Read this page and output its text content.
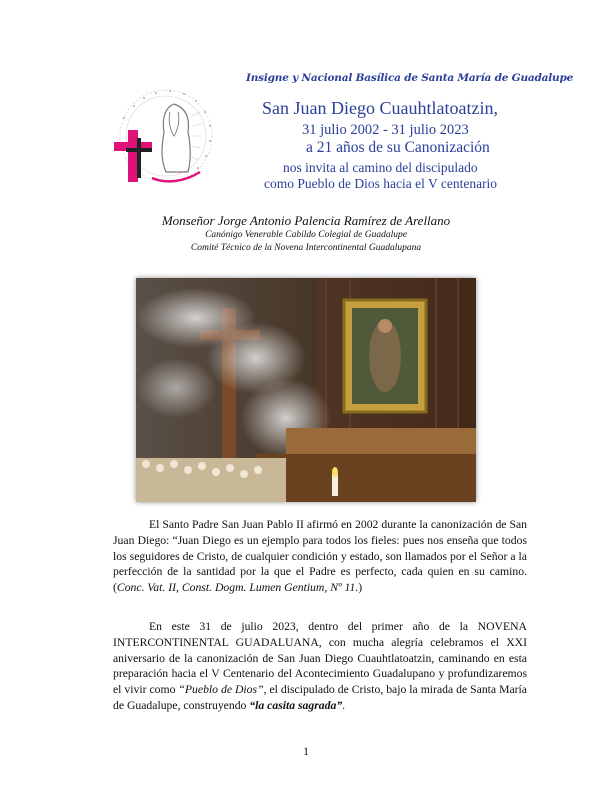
Insigne y Nacional Basílica de Santa María de Guadalupe
San Juan Diego Cuauhtlatoatzin,
31 julio 2002 - 31 julio 2023
a 21 años de su Canonización
nos invita al camino del discipulado
como Pueblo de Dios hacia el V centenario
Monseñor Jorge Antonio Palencia Ramírez de Arellano
Canónigo Venerable Cabildo Colegial de Guadalupe
Comité Técnico de la Novena Intercontinental Guadalupana
El Santo Padre San Juan Pablo II afirmó en 2002 durante la canonización de San Juan Diego: “Juan Diego es un ejemplo para todos los fieles: pues nos enseña que todos los seguidores de Cristo, de cualquier condición y estado, son llamados por el Señor a la perfección de la santidad por la que el Padre es perfecto, cada quien en su camino. (Conc. Vat. II, Const. Dogm. Lumen Gentium, Nº 11.)
En este 31 de julio 2023, dentro del primer año de la NOVENA INTERCONTINENTAL GUADALUANA, con mucha alegría celebramos el XXI aniversario de la canonización de San Juan Diego Cuauhtlatoatzin, caminando en esta preparación hacia el V Centenario del Acontecimiento Guadalupano y profundizaremos el vivir como “Pueblo de Dios”, el discipulado de Cristo, bajo la mirada de Santa María de Guadalupe, construyendo “la casita sagrada”.
1
